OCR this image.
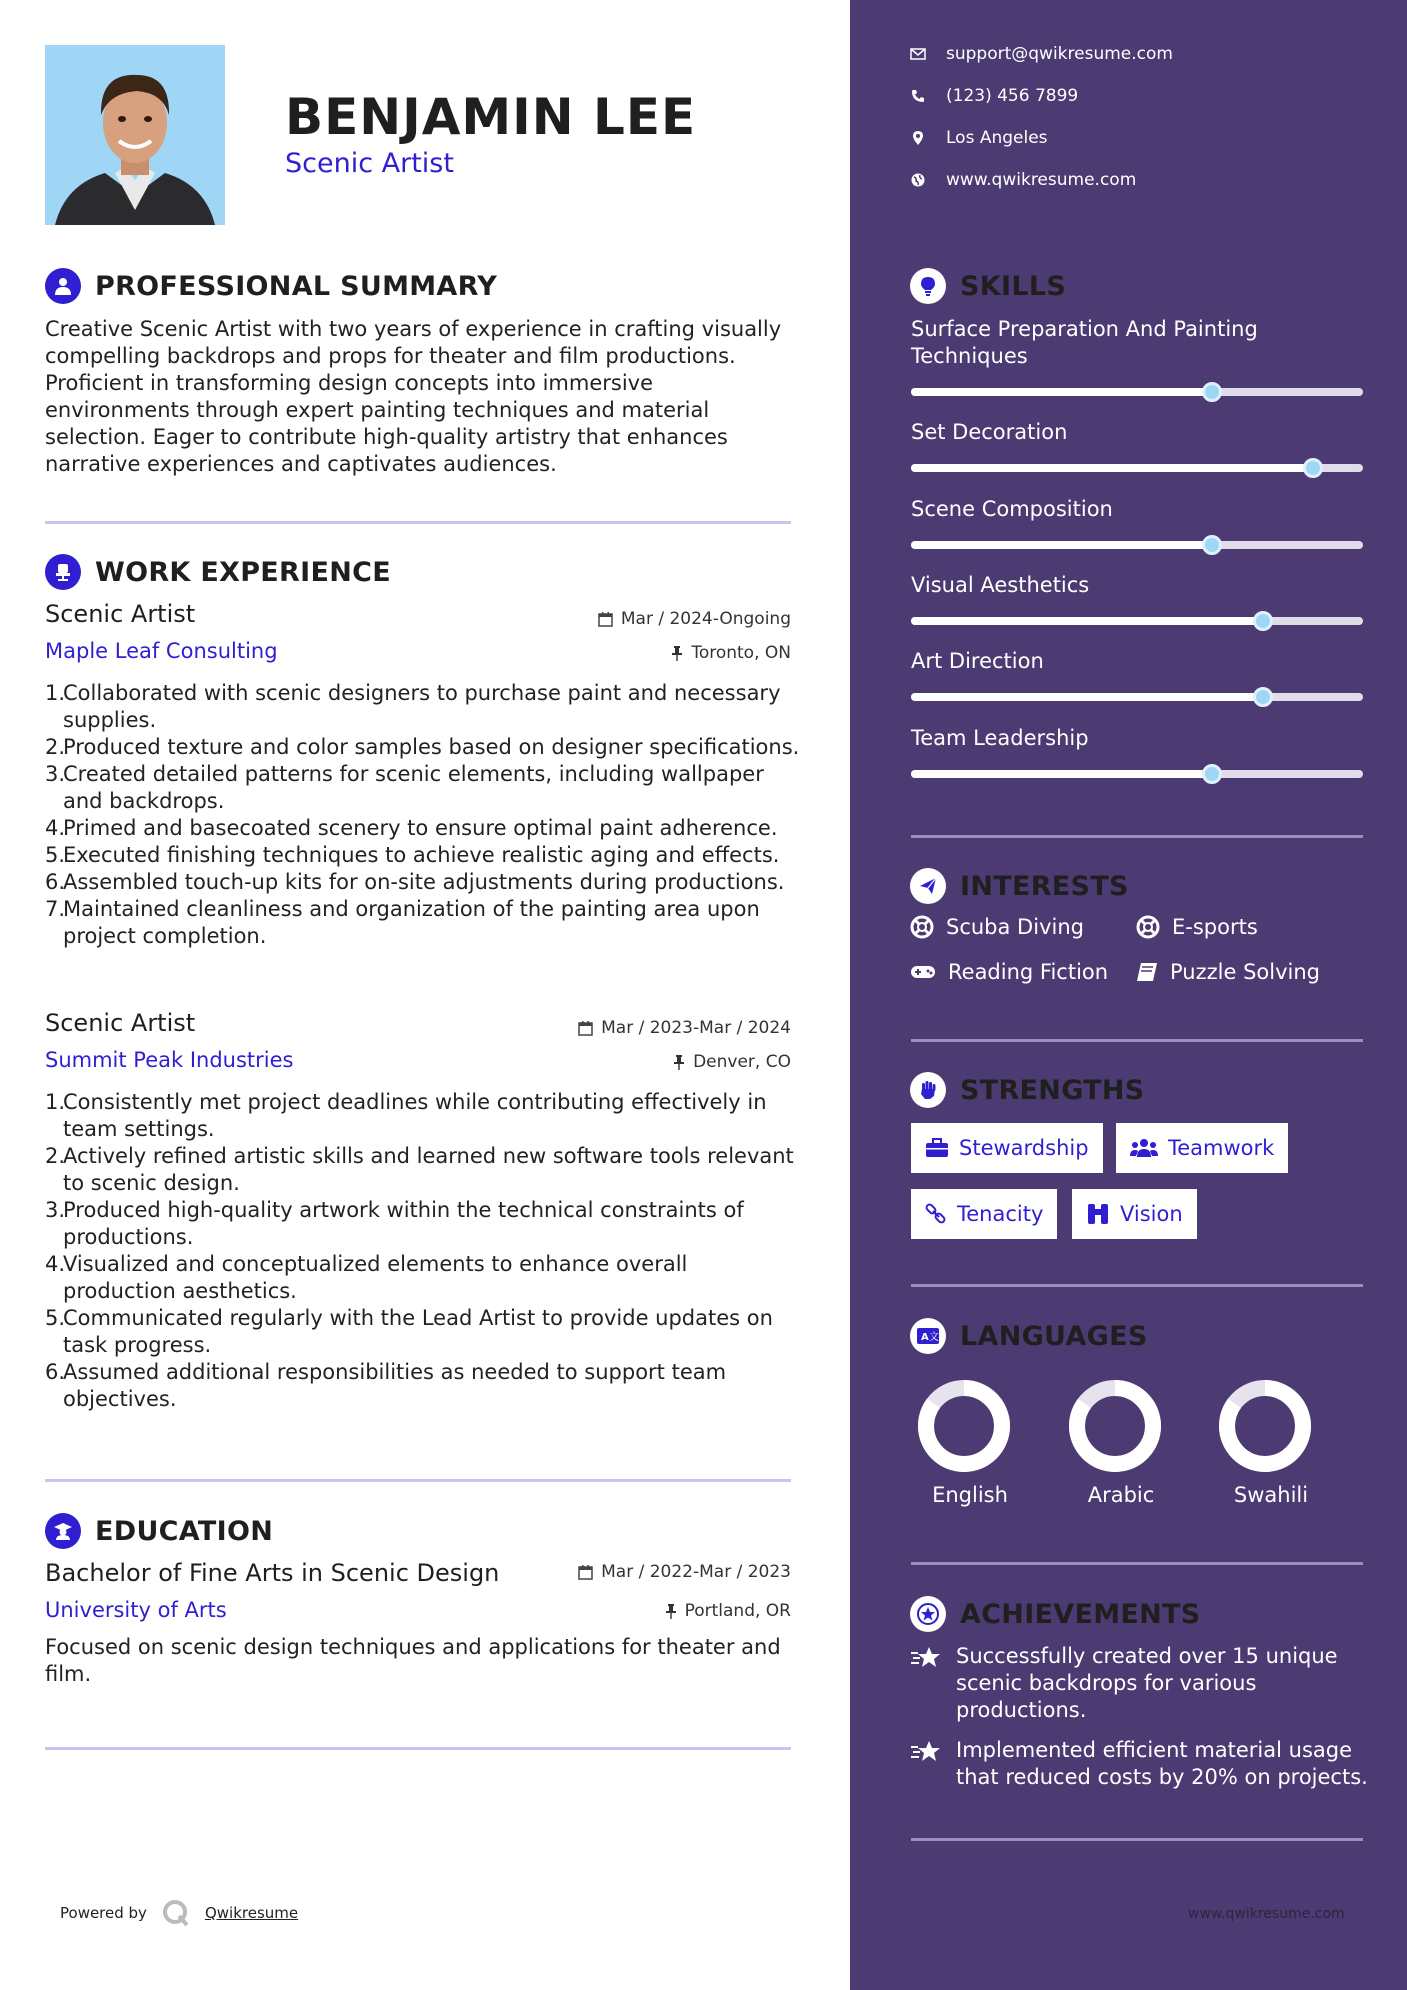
BENJAMIN LEE
Scenic Artist
PROFESSIONAL SUMMARY
Creative Scenic Artist with two years of experience in crafting visually compelling backdrops and props for theater and film productions. Proficient in transforming design concepts into immersive environments through expert painting techniques and material selection. Eager to contribute high-quality artistry that enhances narrative experiences and captivates audiences.
WORK EXPERIENCE
Scenic Artist
Maple Leaf Consulting
Mar / 2024-Ongoing
Toronto, ON
1.
Collaborated with scenic designers to purchase paint and necessary supplies.
2.
Produced texture and color samples based on designer specifications.
3.
Created detailed patterns for scenic elements, including wallpaper and backdrops.
4.
Primed and basecoated scenery to ensure optimal paint adherence.
5.
Executed finishing techniques to achieve realistic aging and effects.
6.
Assembled touch-up kits for on-site adjustments during productions.
7.
Maintained cleanliness and organization of the painting area upon project completion.
Scenic Artist
Summit Peak Industries
Mar / 2023-Mar / 2024
Denver, CO
1.
Consistently met project deadlines while contributing effectively in team settings.
2.
Actively refined artistic skills and learned new software tools relevant to scenic design.
3.
Produced high-quality artwork within the technical constraints of productions.
4.
Visualized and conceptualized elements to enhance overall production aesthetics.
5.
Communicated regularly with the Lead Artist to provide updates on task progress.
6.
Assumed additional responsibilities as needed to support team objectives.
EDUCATION
Bachelor of Fine Arts in Scenic Design
University of Arts
Mar / 2022-Mar / 2023
Portland, OR
Focused on scenic design techniques and applications for theater and film.
Powered by	Qwikresume
support@qwikresume.com
(123) 456 7899
Los Angeles
www.qwikresume.com
SKILLS
Surface Preparation And Painting Techniques
Set Decoration
Scene Composition
Visual Aesthetics
Art Direction
Team Leadership
INTERESTS
Scuba Diving	E-sports
Reading Fiction	Puzzle Solving
STRENGTHS
Stewardship	Teamwork
Tenacity	Vision
A 文 LANGUAGES
English	Arabic	Swahili
ACHIEVEMENTS
Successfully created over 15 unique scenic backdrops for various productions.
Implemented efficient material usage that reduced costs by 20% on projects.
www.qwikresume.com
